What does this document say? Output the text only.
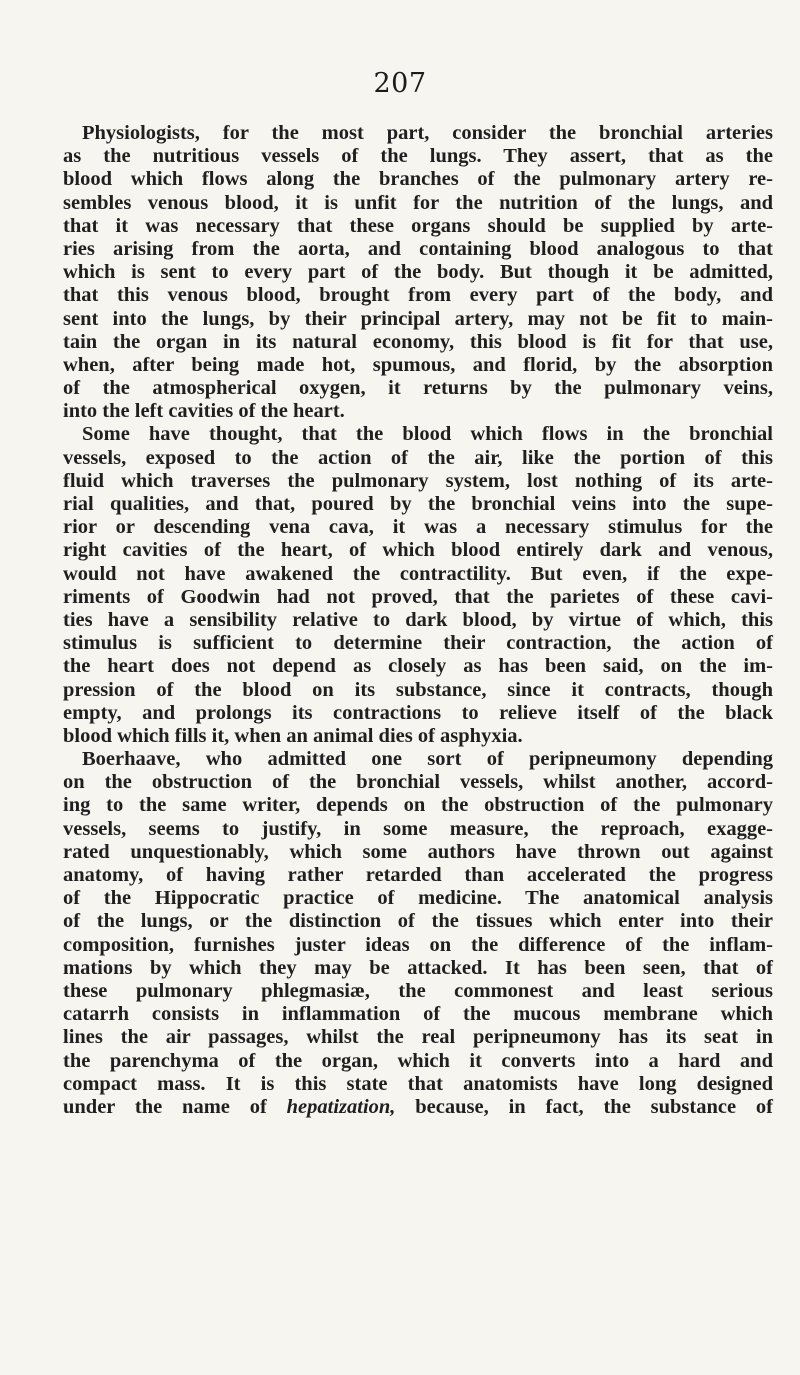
207
Physiologists, for the most part, consider the bronchial arteries
as the nutritious vessels of the lungs. They assert, that as the
blood which flows along the branches of the pulmonary artery re-
sembles venous blood, it is unfit for the nutrition of the lungs, and
that it was necessary that these organs should be supplied by arte-
ries arising from the aorta, and containing blood analogous to that
which is sent to every part of the body. But though it be admitted,
that this venous blood, brought from every part of the body, and
sent into the lungs, by their principal artery, may not be fit to main-
tain the organ in its natural economy, this blood is fit for that use,
when, after being made hot, spumous, and florid, by the absorption
of the atmospherical oxygen, it returns by the pulmonary veins,
into the left cavities of the heart.
Some have thought, that the blood which flows in the bronchial
vessels, exposed to the action of the air, like the portion of this
fluid which traverses the pulmonary system, lost nothing of its arte-
rial qualities, and that, poured by the bronchial veins into the supe-
rior or descending vena cava, it was a necessary stimulus for the
right cavities of the heart, of which blood entirely dark and venous,
would not have awakened the contractility. But even, if the expe-
riments of Goodwin had not proved, that the parietes of these cavi-
ties have a sensibility relative to dark blood, by virtue of which, this
stimulus is sufficient to determine their contraction, the action of
the heart does not depend as closely as has been said, on the im-
pression of the blood on its substance, since it contracts, though
empty, and prolongs its contractions to relieve itself of the black
blood which fills it, when an animal dies of asphyxia.
Boerhaave, who admitted one sort of peripneumony depending
on the obstruction of the bronchial vessels, whilst another, accord-
ing to the same writer, depends on the obstruction of the pulmonary
vessels, seems to justify, in some measure, the reproach, exagge-
rated unquestionably, which some authors have thrown out against
anatomy, of having rather retarded than accelerated the progress
of the Hippocratic practice of medicine. The anatomical analysis
of the lungs, or the distinction of the tissues which enter into their
composition, furnishes juster ideas on the difference of the inflam-
mations by which they may be attacked. It has been seen, that of
these pulmonary phlegmasiæ, the commonest and least serious
catarrh consists in inflammation of the mucous membrane which
lines the air passages, whilst the real peripneumony has its seat in
the parenchyma of the organ, which it converts into a hard and
compact mass. It is this state that anatomists have long designed
under the name of hepatization, because, in fact, the substance of
